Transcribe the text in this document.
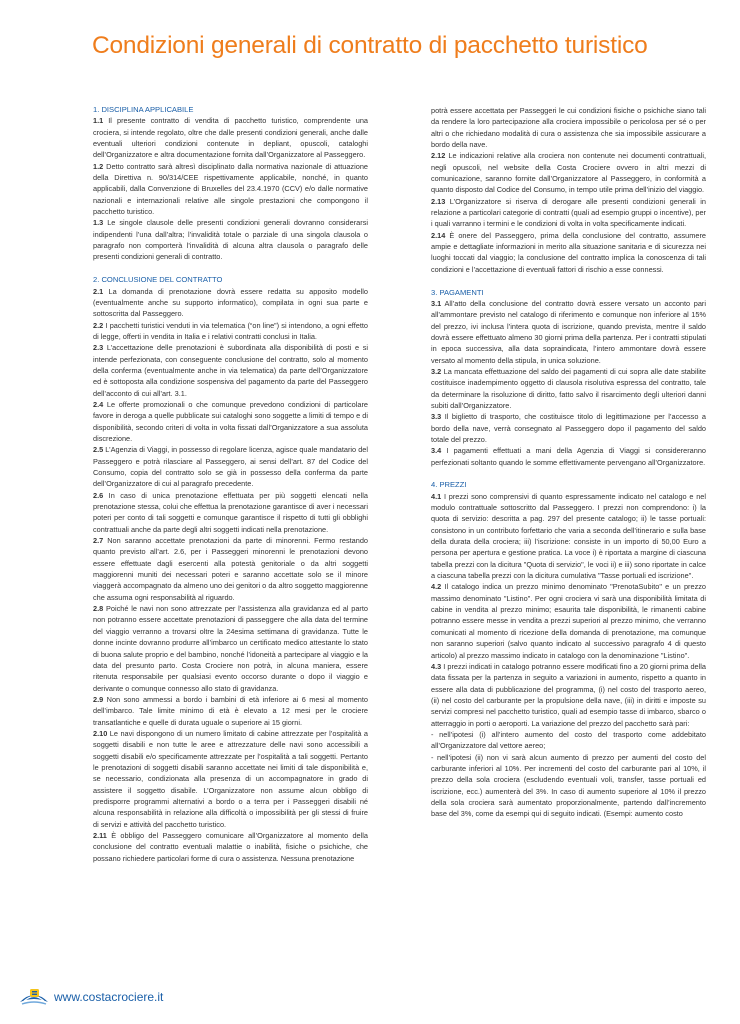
Condizioni generali di contratto di pacchetto turistico
1. DISCIPLINA APPLICABILE

1.1 Il presente contratto di vendita di pacchetto turistico, comprendente una crociera, si intende regolato, oltre che dalle presenti condizioni generali, anche dalle eventuali ulteriori condizioni contenute in depliant, opuscoli, cataloghi dell’Organizzatore e altra documentazione fornita dall’Organizzatore al Passeggero.

1.2 Detto contratto sarà altresì disciplinato dalla normativa nazionale di attuazione della Direttiva n. 90/314/CEE rispettivamente applicabile, nonché, in quanto applicabili, dalla Convenzione di Bruxelles del 23.4.1970 (CCV) e/o dalle normative nazionali e internazionali relative alle singole prestazioni che compongono il pacchetto turistico.

1.3 Le singole clausole delle presenti condizioni generali dovranno considerarsi indipendenti l’una dall’altra; l’invalidità totale o parziale di una singola clausola o paragrafo non comporterà l’invalidità di alcuna altra clausola o paragrafo delle presenti condizioni generali di contratto.

2. CONCLUSIONE DEL CONTRATTO

2.1 La domanda di prenotazione dovrà essere redatta su apposito modello (eventualmente anche su supporto informatico), compilata in ogni sua parte e sottoscritta dal Passeggero.

2.2 I pacchetti turistici venduti in via telematica (“on line”) si intendono, a ogni effetto di legge, offerti in vendita in Italia e i relativi contratti conclusi in Italia.

2.3 L’accettazione delle prenotazioni è subordinata alla disponibilità di posti e si intende perfezionata, con conseguente conclusione del contratto, solo al momento della conferma (eventualmente anche in via telematica) da parte dell’Organizzatore ed è sottoposta alla condizione sospensiva del pagamento da parte del Passeggero dell’acconto di cui all’art. 3.1.

2.4 Le offerte promozionali o che comunque prevedono condizioni di particolare favore in deroga a quelle pubblicate sui cataloghi sono soggette a limiti di tempo e di disponibilità, secondo criteri di volta in volta fissati dall’Organizzatore a sua assoluta discrezione.

2.5 L’Agenzia di Viaggi, in possesso di regolare licenza, agisce quale mandatario del Passeggero e potrà rilasciare al Passeggero, ai sensi dell’art. 87 del Codice del Consumo, copia del contratto solo se già in possesso della conferma da parte dell’Organizzatore di cui al paragrafo precedente.

2.6 In caso di unica prenotazione effettuata per più soggetti elencati nella prenotazione stessa, colui che effettua la prenotazione garantisce di aver i necessari poteri per conto di tali soggetti e comunque garantisce il rispetto di tutti gli obblighi contrattuali anche da parte degli altri soggetti indicati nella prenotazione.

2.7 Non saranno accettate prenotazioni da parte di minorenni. Fermo restando quanto previsto all’art. 2.6, per i Passeggeri minorenni le prenotazioni devono essere effettuate dagli esercenti alla potestà genitoriale o da altri soggetti maggiorenni muniti dei necessari poteri e saranno accettate solo se il minore viaggerà accompagnato da almeno uno dei genitori o da altro soggetto maggiorenne che assuma ogni responsabilità al riguardo.

2.8 Poiché le navi non sono attrezzate per l’assistenza alla gravidanza ed al parto non potranno essere accettate prenotazioni di passeggere che alla data del termine del viaggio verranno a trovarsi oltre la 24esima settimana di gravidanza. Tutte le donne incinte dovranno produrre all’imbarco un certificato medico attestante lo stato di buona salute proprio e del bambino, nonché l’idoneità a partecipare al viaggio e la data del presunto parto. Costa Crociere non potrà, in alcuna maniera, essere ritenuta responsabile per qualsiasi evento occorso durante o dopo il viaggio e derivante o comunque connesso allo stato di gravidanza.

2.9 Non sono ammessi a bordo i bambini di età inferiore ai 6 mesi al momento dell’imbarco. Tale limite minimo di età è elevato a 12 mesi per le crociere transatlantiche e quelle di durata uguale o superiore ai 15 giorni.

2.10 Le navi dispongono di un numero limitato di cabine attrezzate per l’ospitalità a soggetti disabili e non tutte le aree e attrezzature delle navi sono accessibili a soggetti disabili e/o specificamente attrezzate per l’ospitalità a tali soggetti. Pertanto le prenotazioni di soggetti disabili saranno accettate nei limiti di tale disponibilità e, se necessario, condizionata alla presenza di un accompagnatore in grado di assistere il soggetto disabile. L’Organizzatore non assume alcun obbligo di predisporre programmi alternativi a bordo o a terra per i Passeggeri disabili né alcuna responsabilità in relazione alla difficoltà o impossibilità per gli stessi di fruire di servizi e attività del pacchetto turistico.

2.11 È obbligo del Passeggero comunicare all’Organizzatore al momento della conclusione del contratto eventuali malattie o inabilità, fisiche o psichiche, che possano richiedere particolari forme di cura o assistenza. Nessuna prenotazione

potrà essere accettata per Passeggeri le cui condizioni fisiche o psichiche siano tali da rendere la loro partecipazione alla crociera impossibile o pericolosa per sé o per altri o che richiedano modalità di cura o assistenza che sia impossibile assicurare a bordo della nave.

2.12 Le indicazioni relative alla crociera non contenute nei documenti contrattuali, negli opuscoli, nel website della Costa Crociere ovvero in altri mezzi di comunicazione, saranno fornite dall’Organizzatore al Passeggero, in conformità a quanto disposto dal Codice del Consumo, in tempo utile prima dell’inizio del viaggio.

2.13 L’Organizzatore si riserva di derogare alle presenti condizioni generali in relazione a particolari categorie di contratti (quali ad esempio gruppi o incentive), per i quali varranno i termini e le condizioni di volta in volta specificamente indicati.

2.14 È onere del Passeggero, prima della conclusione del contratto, assumere ampie e dettagliate informazioni in merito alla situazione sanitaria e di sicurezza nei luoghi toccati dal viaggio; la conclusione del contratto implica la conoscenza di tali condizioni e l’accettazione di eventuali fattori di rischio a esse connessi.

3. PAGAMENTI

3.1 All’atto della conclusione del contratto dovrà essere versato un acconto pari all’ammontare previsto nel catalogo di riferimento e comunque non inferiore al 15% del prezzo, ivi inclusa l’intera quota di iscrizione, quando prevista, mentre il saldo dovrà essere effettuato almeno 30 giorni prima della partenza. Per i contratti stipulati in epoca successiva, alla data sopraindicata, l’intero ammontare dovrà essere versato al momento della stipula, in unica soluzione.

3.2 La mancata effettuazione del saldo dei pagamenti di cui sopra alle date stabilite costituisce inadempimento oggetto di clausola risolutiva espressa del contratto, tale da determinare la risoluzione di diritto, fatto salvo il risarcimento degli ulteriori danni subiti dall’Organizzatore.

3.3 Il biglietto di trasporto, che costituisce titolo di legittimazione per l’accesso a bordo della nave, verrà consegnato al Passeggero dopo il pagamento del saldo totale del prezzo.

3.4 I pagamenti effettuati a mani della Agenzia di Viaggi si considereranno perfezionati soltanto quando le somme effettivamente pervengano all’Organizzatore.

4. PREZZI

4.1 I prezzi sono comprensivi di quanto espressamente indicato nel catalogo e nel modulo contrattuale sottoscritto dal Passeggero. I prezzi non comprendono: i) la quota di servizio: descritta a pag. 297 del presente catalogo; ii) le tasse portuali: consistono in un contributo forfettario che varia a seconda dell’itinerario e sulla base della durata della crociera; iii) l’iscrizione: consiste in un importo di 50,00 Euro a persona per apertura e gestione pratica. La voce i) è riportata a margine di ciascuna tabella prezzi con la dicitura "Quota di servizio", le voci ii) e iii) sono riportate in calce a ciascuna tabella prezzi con la dicitura cumulativa "Tasse portuali ed iscrizione".

4.2 Il catalogo indica un prezzo minimo denominato "PrenotaSubito" e un prezzo massimo denominato "Listino". Per ogni crociera vi sarà una disponibilità limitata di cabine in vendita al prezzo minimo; esaurita tale disponibilità, le rimanenti cabine potranno essere messe in vendita a prezzi superiori al prezzo minimo, che verranno comunicati al momento di ricezione della domanda di prenotazione, ma comunque non saranno superiori (salvo quanto indicato al successivo paragrafo 4 di questo articolo) al prezzo massimo indicato in catalogo con la denominazione "Listino".

4.3 I prezzi indicati in catalogo potranno essere modificati fino a 20 giorni prima della data fissata per la partenza in seguito a variazioni in aumento, rispetto a quanto in essere alla data di pubblicazione del programma, (i) nel costo del trasporto aereo, (ii) nel costo del carburante per la propulsione della nave, (iii) in diritti e imposte su servizi compresi nel pacchetto turistico, quali ad esempio tasse di imbarco, sbarco o atterraggio in porti o aeroporti. La variazione del prezzo del pacchetto sarà pari:

- nell’ipotesi (i) all’intero aumento del costo del trasporto come addebitato all’Organizzatore dal vettore aereo;

- nell’ipotesi (ii) non vi sarà alcun aumento di prezzo per aumenti del costo del carburante inferiori al 10%. Per incrementi del costo del carburante pari al 10%, il prezzo della sola crociera (escludendo eventuali voli, transfer, tasse portuali ed iscrizione, ecc.) aumenterà del 3%. In caso di aumento superiore al 10% il prezzo della sola crociera sarà aumentato proporzionalmente, partendo dall’incremento base del 3%, come da esempi qui di seguito indicati. (Esempi: aumento costo

www.costacrociere.it
